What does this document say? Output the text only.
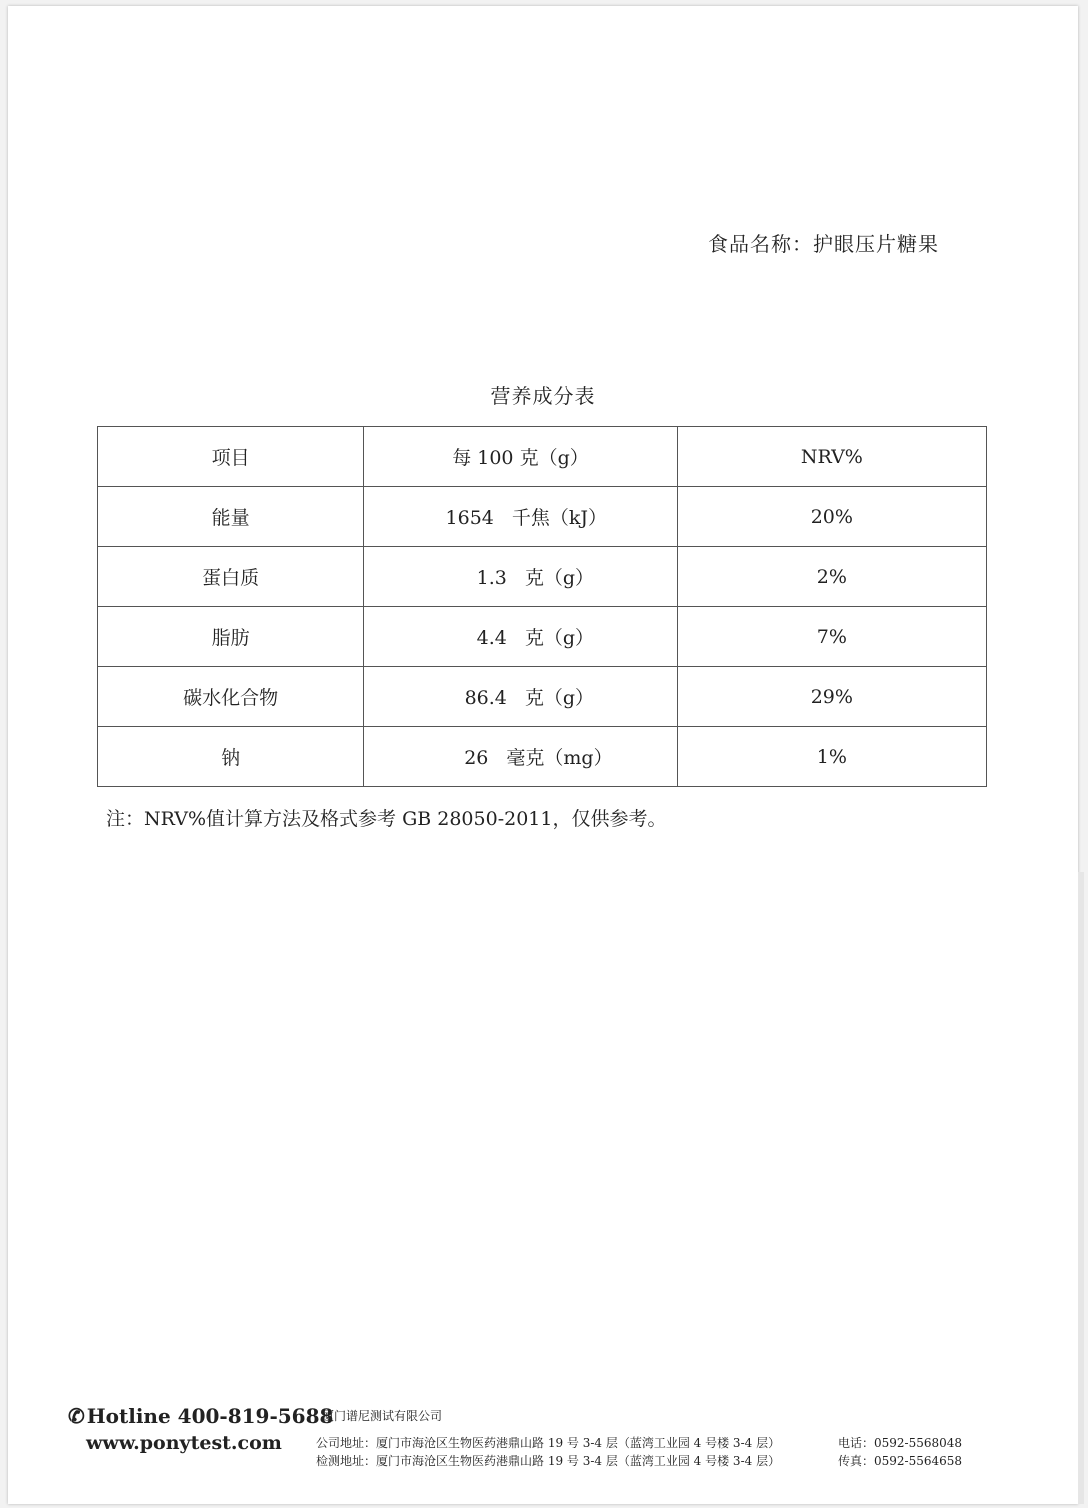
食品名称：护眼压片糖果
营养成分表
项目	每 100 克（g）	NRV%
能量	1654 千焦（kJ）	20%
蛋白质	1.3 克（g）	2%
脂肪	4.4 克（g）	7%
碳水化合物	86.4 克（g）	29%
钠	26 毫克（mg）	1%
注：NRV%值计算方法及格式参考 GB 28050-2011，仅供参考。
✆ Hotline 400-819-5688
www.ponytest.com
厦门谱尼测试有限公司
公司地址：厦门市海沧区生物医药港鼎山路 19 号 3-4 层（蓝湾工业园 4 号楼 3-4 层）
检测地址：厦门市海沧区生物医药港鼎山路 19 号 3-4 层（蓝湾工业园 4 号楼 3-4 层）
电话：0592-5568048
传真：0592-5564658
